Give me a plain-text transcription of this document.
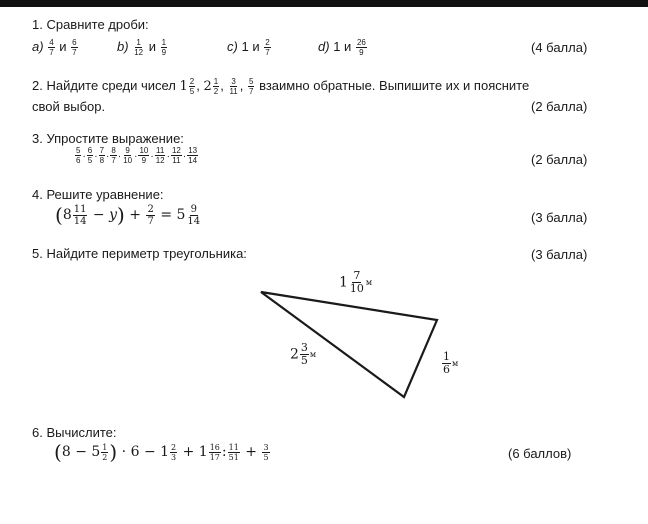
1. Сравните дроби:
$а) \frac{4}{7}$ и $\frac{6}{7}$	$b) \frac{1}{12}$ и $\frac{1}{9}$	c) 1 и $\frac{2}{7}$	d) 1 и $\frac{26}{9}$	(4 балла)
2. Найдите среди чисел $1 \frac{2}{5}$ , $2 \frac{1}{2}$ , $\frac{3}{11}$ , $\frac{5}{7}$ взаимно обратные. Выпишите их и поясните
свой выбор.	(2 балла)
3. Упростите выражение:
$\frac{5}{6} \cdot \frac{6}{5} \cdot \frac{7}{8} \cdot \frac{8}{7} \cdot \frac{9}{10} \cdot \frac{10}{9} \cdot \frac{11}{12} \cdot \frac{12}{11} \cdot \frac{13}{14}$	(2 балла)
4. Решите уравнение:
$(8 \frac{11}{14} - y) + \frac{2}{7} = 5 \frac{9}{14}$	(3 балла)
5. Найдите периметр треугольника:	(3 балла)
$1 \frac{7}{10}$ м
$2 \frac{3}{5}$ м	$\frac{1}{6}$ м
6. Вычислите:
($8 - 5 \frac{1}{2}$ ) · $6 - 1 \frac{2}{3} + 1 \frac{16}{17}$ : $\frac{11}{51} + \frac{3}{5}$	(6 баллов)
